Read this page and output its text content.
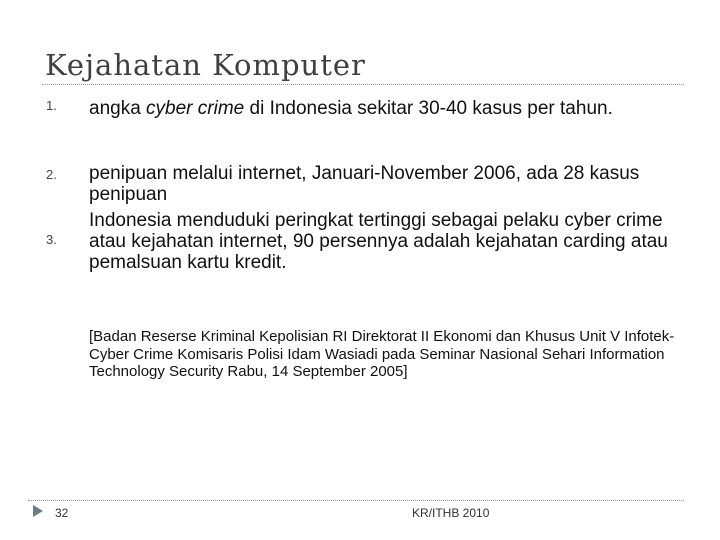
Kejahatan Komputer
1. angka cyber crime di Indonesia sekitar 30-40 kasus per tahun.
2. penipuan melalui internet, Januari-November 2006, ada 28 kasus penipuan
3.
Indonesia menduduki peringkat tertinggi sebagai pelaku cyber crime atau kejahatan internet, 90 persennya adalah kejahatan carding atau pemalsuan kartu kredit.
[Badan Reserse Kriminal Kepolisian RI Direktorat II Ekonomi dan Khusus Unit V Infotek-Cyber Crime Komisaris Polisi Idam Wasiadi pada Seminar Nasional Sehari Information Technology Security Rabu, 14 September 2005]
32	KR/ITHB 2010
